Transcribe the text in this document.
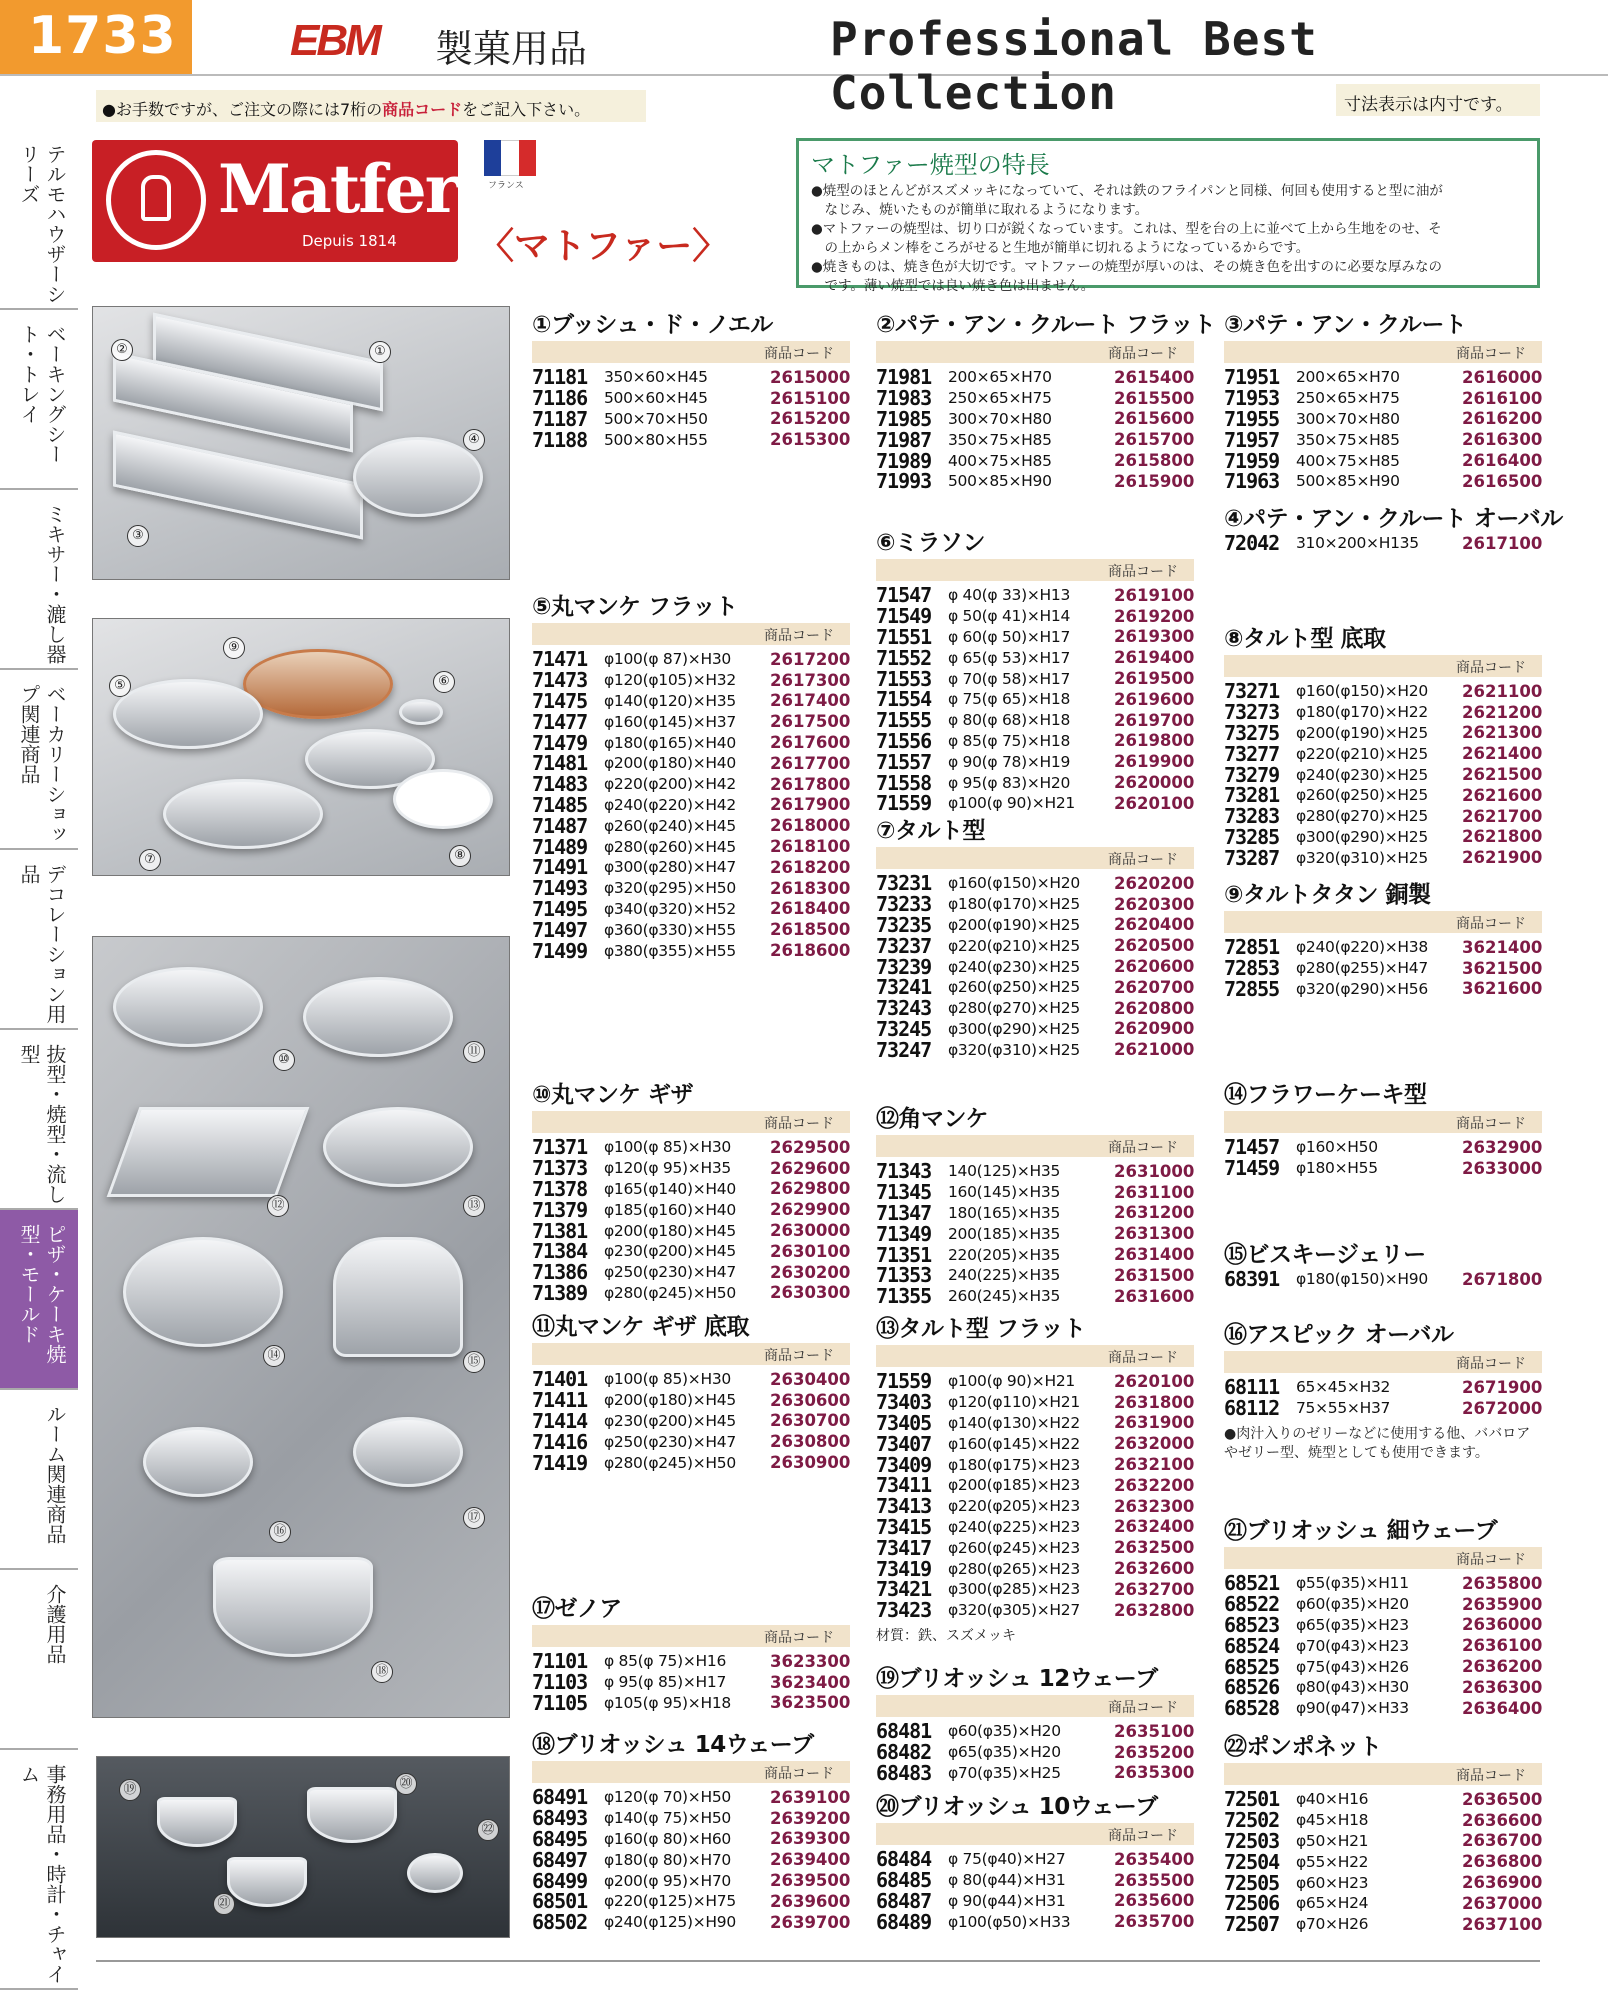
1733	EBM 製菓用品	Professional Best Collection
●お手数ですが、ご注文の際には7桁の商品コードをご記入下さい。	寸法表示は内寸です。
テルモハウザーシリーズ
ベーキングシート・トレイ
ミキサー・漉し器
ベーカリーショップ関連商品
デコレーション用品
抜型・焼型・流し型
ピザ・ケーキ焼型・モールド
ルーム関連商品
介護用品
事務用品・時計・チャイム
Matfer
Depuis 1814
フランス
〈マトファー〉
マトファー焼型の特長

●焼型のほとんどがスズメッキになっていて、それは鉄のフライパンと同様、何回も使用すると型に油が

　なじみ、焼いたものが簡単に取れるようになります。

●マトファーの焼型は、切り口が鋭くなっています。これは、型を台の上に並べて上から生地をのせ、そ

　の上からメン棒をころがせると生地が簡単に切れるようになっているからです。

●焼きものは、焼き色が大切です。マトファーの焼型が厚いのは、その焼き色を出すのに必要な厚みなの

　です。薄い焼型では良い焼き色は出ません。

②	①
④
③
⑨
⑤	⑥
⑦	⑧
⑩
⑪
⑫	⑬
⑭	⑮
⑯
⑰
⑱
⑲	⑳
㉒
㉑
①ブッシュ・ド・ノエル
商品コード
71181	350×60×H45	2615000
71186	500×60×H45	2615100
71187	500×70×H50	2615200
71188	500×80×H55	2615300
②パテ・アン・クルート フラット
商品コード
71981	200×65×H70	2615400
71983	250×65×H75	2615500
71985	300×70×H80	2615600
71987	350×75×H85	2615700
71989	400×75×H85	2615800
71993	500×85×H90	2615900
③パテ・アン・クルート
商品コード
71951	200×65×H70	2616000
71953	250×65×H75	2616100
71955	300×70×H80	2616200
71957	350×75×H85	2616300
71959	400×75×H85	2616400
71963	500×85×H90	2616500
④パテ・アン・クルート オーバル
72042	310×200×H135	2617100
⑤丸マンケ フラット
商品コード
71471	φ100(φ 87)×H30	2617200
71473	φ120(φ105)×H32	2617300
71475	φ140(φ120)×H35	2617400
71477	φ160(φ145)×H37	2617500
71479	φ180(φ165)×H40	2617600
71481	φ200(φ180)×H40	2617700
71483	φ220(φ200)×H42	2617800
71485	φ240(φ220)×H42	2617900
71487	φ260(φ240)×H45	2618000
71489	φ280(φ260)×H45	2618100
71491	φ300(φ280)×H47	2618200
71493	φ320(φ295)×H50	2618300
71495	φ340(φ320)×H52	2618400
71497	φ360(φ330)×H55	2618500
71499	φ380(φ355)×H55	2618600
⑥ミラソン
商品コード
71547	φ 40(φ 33)×H13	2619100
71549	φ 50(φ 41)×H14	2619200
71551	φ 60(φ 50)×H17	2619300
71552	φ 65(φ 53)×H17	2619400
71553	φ 70(φ 58)×H17	2619500
71554	φ 75(φ 65)×H18	2619600
71555	φ 80(φ 68)×H18	2619700
71556	φ 85(φ 75)×H18	2619800
71557	φ 90(φ 78)×H19	2619900
71558	φ 95(φ 83)×H20	2620000
71559	φ100(φ 90)×H21	2620100
⑦タルト型
商品コード
73231	φ160(φ150)×H20	2620200
73233	φ180(φ170)×H25	2620300
73235	φ200(φ190)×H25	2620400
73237	φ220(φ210)×H25	2620500
73239	φ240(φ230)×H25	2620600
73241	φ260(φ250)×H25	2620700
73243	φ280(φ270)×H25	2620800
73245	φ300(φ290)×H25	2620900
73247	φ320(φ310)×H25	2621000
⑧タルト型 底取
商品コード
73271	φ160(φ150)×H20	2621100
73273	φ180(φ170)×H22	2621200
73275	φ200(φ190)×H25	2621300
73277	φ220(φ210)×H25	2621400
73279	φ240(φ230)×H25	2621500
73281	φ260(φ250)×H25	2621600
73283	φ280(φ270)×H25	2621700
73285	φ300(φ290)×H25	2621800
73287	φ320(φ310)×H25	2621900
⑨タルトタタン 銅製
商品コード
72851	φ240(φ220)×H38	3621400
72853	φ280(φ255)×H47	3621500
72855	φ320(φ290)×H56	3621600
⑩丸マンケ ギザ
商品コード
71371	φ100(φ 85)×H30	2629500
71373	φ120(φ 95)×H35	2629600
71378	φ165(φ140)×H40	2629800
71379	φ185(φ160)×H40	2629900
71381	φ200(φ180)×H45	2630000
71384	φ230(φ200)×H45	2630100
71386	φ250(φ230)×H47	2630200
71389	φ280(φ245)×H50	2630300
⑪丸マンケ ギザ 底取
商品コード
71401	φ100(φ 85)×H30	2630400
71411	φ200(φ180)×H45	2630600
71414	φ230(φ200)×H45	2630700
71416	φ250(φ230)×H47	2630800
71419	φ280(φ245)×H50	2630900
⑫角マンケ
商品コード
71343	140(125)×H35	2631000
71345	160(145)×H35	2631100
71347	180(165)×H35	2631200
71349	200(185)×H35	2631300
71351	220(205)×H35	2631400
71353	240(225)×H35	2631500
71355	260(245)×H35	2631600
⑬タルト型 フラット
商品コード
71559	φ100(φ 90)×H21	2620100
73403	φ120(φ110)×H21	2631800
73405	φ140(φ130)×H22	2631900
73407	φ160(φ145)×H22	2632000
73409	φ180(φ175)×H23	2632100
73411	φ200(φ185)×H23	2632200
73413	φ220(φ205)×H23	2632300
73415	φ240(φ225)×H23	2632400
73417	φ260(φ245)×H23	2632500
73419	φ280(φ265)×H23	2632600
73421	φ300(φ285)×H23	2632700
73423	φ320(φ305)×H27	2632800
材質：鉄、スズメッキ
⑭フラワーケーキ型
商品コード
71457	φ160×H50	2632900
71459	φ180×H55	2633000
⑮ビスキージェリー
68391	φ180(φ150)×H90	2671800
⑯アスピック オーバル
商品コード
68111	65×45×H32	2671900
68112	75×55×H37	2672000
●肉汁入りのゼリーなどに使用する他、ババロアやゼリー型、焼型としても使用できます。
⑰ゼノア
商品コード
71101	φ 85(φ 75)×H16	3623300
71103	φ 95(φ 85)×H17	3623400
71105	φ105(φ 95)×H18	3623500
⑱ブリオッシュ 14ウェーブ
商品コード
68491	φ120(φ 70)×H50	2639100
68493	φ140(φ 75)×H50	2639200
68495	φ160(φ 80)×H60	2639300
68497	φ180(φ 80)×H70	2639400
68499	φ200(φ 95)×H70	2639500
68501	φ220(φ125)×H75	2639600
68502	φ240(φ125)×H90	2639700
⑲ブリオッシュ 12ウェーブ
商品コード
68481	φ60(φ35)×H20	2635100
68482	φ65(φ35)×H20	2635200
68483	φ70(φ35)×H25	2635300
⑳ブリオッシュ 10ウェーブ
商品コード
68484	φ 75(φ40)×H27	2635400
68485	φ 80(φ44)×H31	2635500
68487	φ 90(φ44)×H31	2635600
68489	φ100(φ50)×H33	2635700
㉑ブリオッシュ 細ウェーブ
商品コード
68521	φ55(φ35)×H11	2635800
68522	φ60(φ35)×H20	2635900
68523	φ65(φ35)×H23	2636000
68524	φ70(φ43)×H23	2636100
68525	φ75(φ43)×H26	2636200
68526	φ80(φ43)×H30	2636300
68528	φ90(φ47)×H33	2636400
㉒ポンポネット
商品コード
72501	φ40×H16	2636500
72502	φ45×H18	2636600
72503	φ50×H21	2636700
72504	φ55×H22	2636800
72505	φ60×H23	2636900
72506	φ65×H24	2637000
72507	φ70×H26	2637100
